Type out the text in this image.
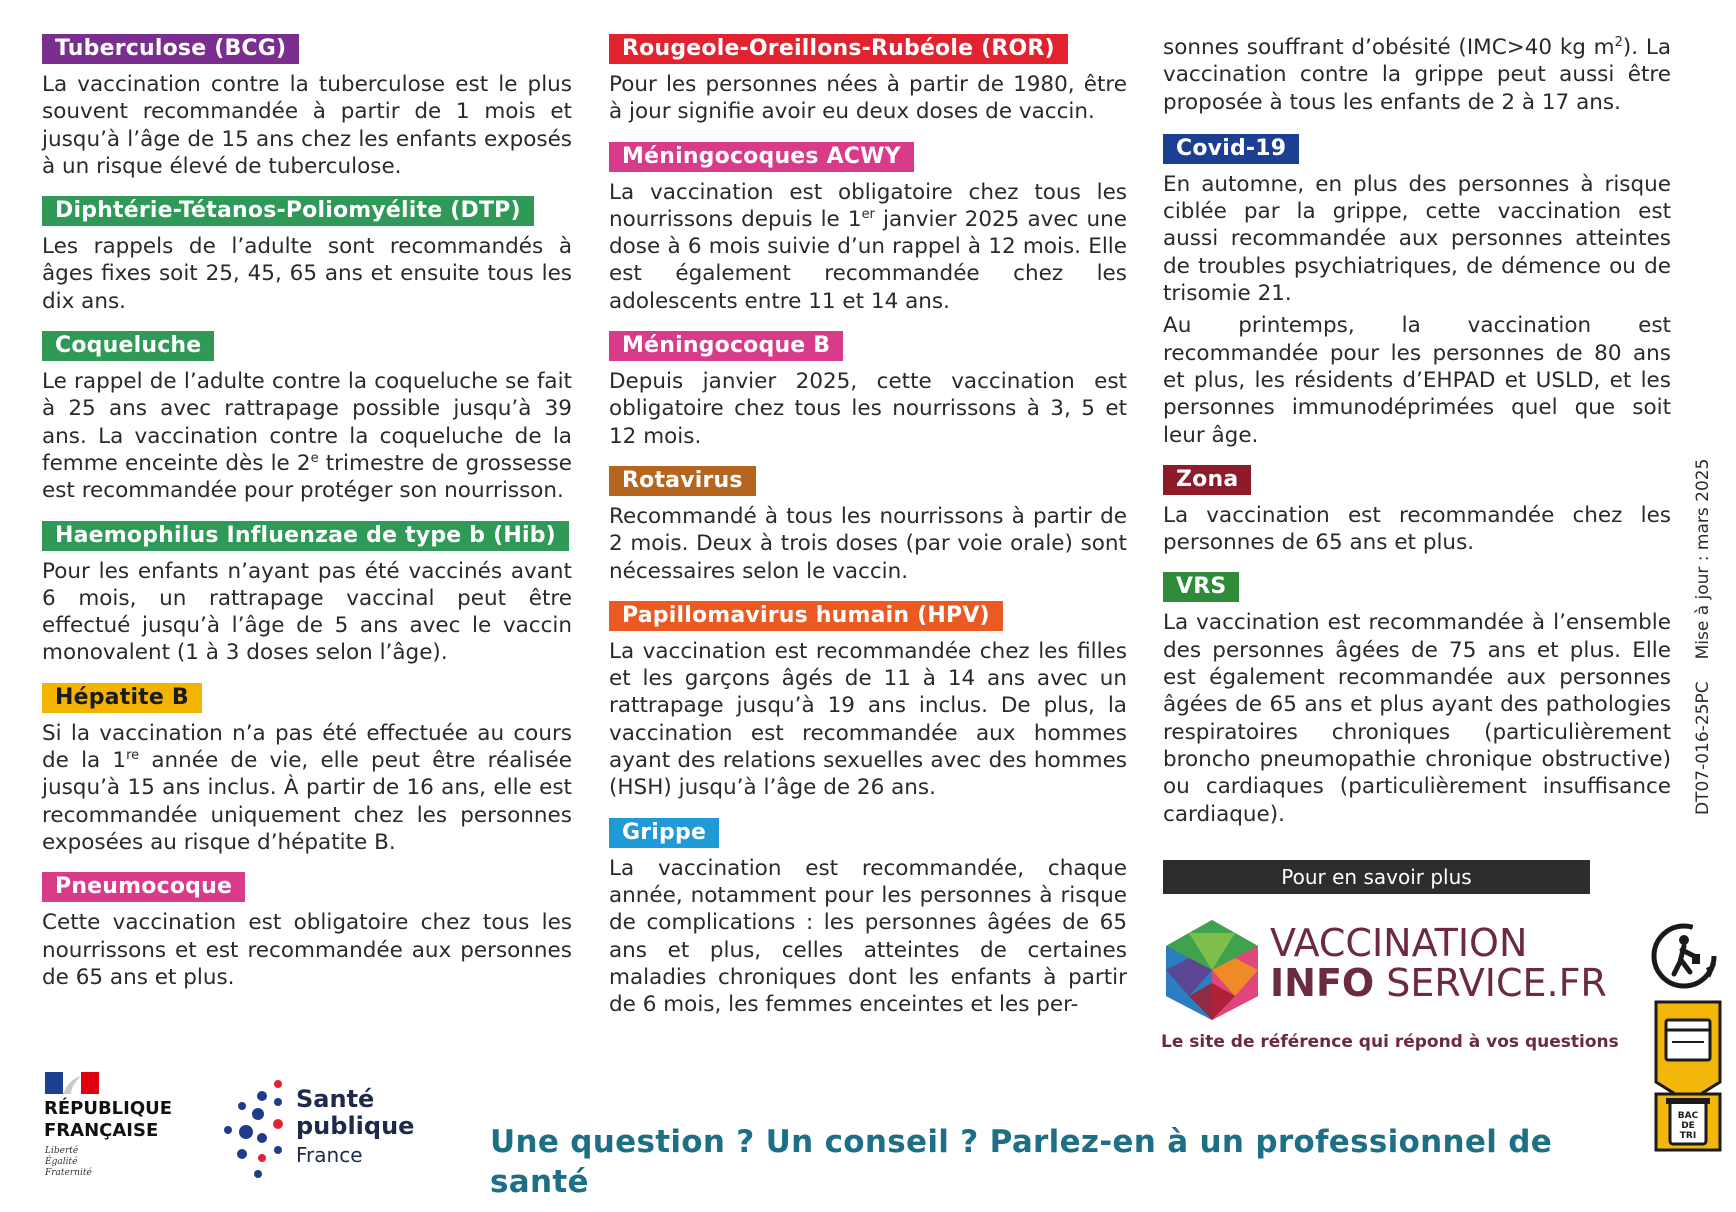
Tuberculose (BCG)

La vaccination contre la tuberculose est le plus souvent recommandée à partir de 1 mois et jusqu’à l’âge de 15 ans chez les enfants exposés à un risque élevé de tuberculose.

Diphtérie-Tétanos-Poliomyélite (DTP)

Les rappels de l’adulte sont recommandés à âges fixes soit 25, 45, 65 ans et ensuite tous les dix ans.

Coqueluche

Le rappel de l’adulte contre la coqueluche se fait à 25 ans avec rattrapage possible jusqu’à 39 ans. La vaccination contre la coqueluche de la femme enceinte dès le 2e trimestre de grossesse est recommandée pour protéger son nourrisson.

Haemophilus Influenzae de type b (Hib)

Pour les enfants n’ayant pas été vaccinés avant 6 mois, un rattrapage vaccinal peut être effectué jusqu’à l’âge de 5 ans avec le vaccin monovalent (1 à 3 doses selon l’âge).

Hépatite B

Si la vaccination n’a pas été effectuée au cours de la 1re année de vie, elle peut être réalisée jusqu’à 15 ans inclus. À partir de 16 ans, elle est recommandée uniquement chez les personnes exposées au risque d’hépatite B.

Pneumocoque

Cette vaccination est obligatoire chez tous les nourrissons et est recommandée aux personnes de 65 ans et plus.

Rougeole-Oreillons-Rubéole (ROR)

Pour les personnes nées à partir de 1980, être à jour signifie avoir eu deux doses de vaccin.

Méningocoques ACWY

La vaccination est obligatoire chez tous les nourrissons depuis le 1er janvier 2025 avec une dose à 6 mois suivie d’un rappel à 12 mois. Elle est également recommandée chez les adolescents entre 11 et 14 ans.

Méningocoque B

Depuis janvier 2025, cette vaccination est obligatoire chez tous les nourrissons à 3, 5 et 12 mois.

Rotavirus

Recommandé à tous les nourrissons à partir de 2 mois. Deux à trois doses (par voie orale) sont nécessaires selon le vaccin.

Papillomavirus humain (HPV)

La vaccination est recommandée chez les filles et les garçons âgés de 11 à 14 ans avec un rattrapage jusqu’à 19 ans inclus. De plus, la vaccination est recommandée aux hommes ayant des relations sexuelles avec des hommes (HSH) jusqu’à l’âge de 26 ans.

Grippe

La vaccination est recommandée, chaque année, notamment pour les personnes à risque de complications : les personnes âgées de 65 ans et plus, celles atteintes de certaines maladies chroniques dont les enfants à partir de 6 mois, les femmes enceintes et les per-

sonnes souffrant d’obésité (IMC>40 kg $m^2$). La vaccination contre la grippe peut aussi être proposée à tous les enfants de 2 à 17 ans.

Covid-19

En automne, en plus des personnes à risque ciblée par la grippe, cette vaccination est aussi recommandée aux personnes atteintes de troubles psychiatriques, de démence ou de trisomie 21.

Au printemps, la vaccination est recommandée pour les personnes de 80 ans et plus, les résidents d’EHPAD et USLD, et les personnes immunodéprimées quel que soit leur âge.

Zona

La vaccination est recommandée chez les personnes de 65 ans et plus.

VRS

La vaccination est recommandée à l’ensemble des personnes âgées de 75 ans et plus. Elle est également recommandée aux personnes âgées de 65 ans et plus ayant des pathologies respiratoires chroniques (particulièrement broncho pneumopathie chronique obstructive) ou cardiaques (particulièrement insuffisance cardiaque).

Pour en savoir plus
VACCINATION
INFO SERVICE.FR
Le site de référence qui répond à vos questions
DT07-016-25PCMise à jour : mars 2025
BAC
DE
TRI
RÉPUBLIQUE
FRANÇAISE
Liberté
Égalité
Fraternité
Santé
publique
France	Une question ? Un conseil ? Parlez-en à un professionnel de santé
